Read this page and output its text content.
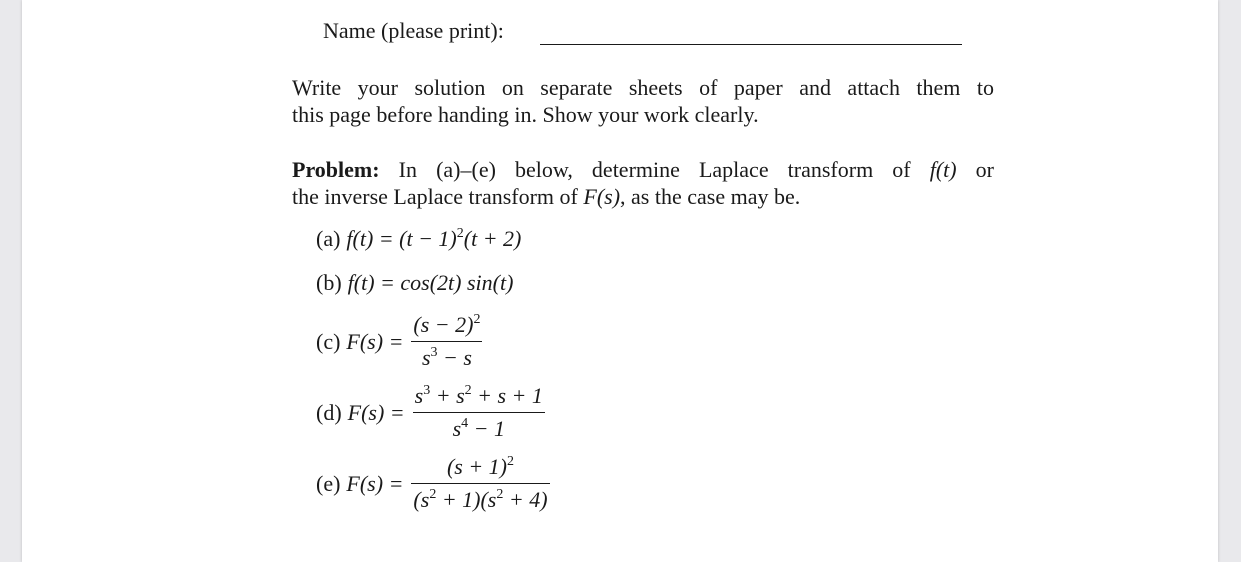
Name (please print):
Write your solution on separate sheets of paper and attach them to
this page before handing in. Show your work clearly.
Problem: In (a)–(e) below, determine Laplace transform of f(t) or
the inverse Laplace transform of F(s), as the case may be.
(a) $f(t) = (t - 1)^2(t + 2)$
(b) f(t) = cos(2t) sin(t)
(c) $F(s) = \frac{(s - 2)^2}{s^3 - s}$
(d) $F(s) = \frac{s^3 + s^2 + s + 1}{s^4 - 1}$
(e) $F(s) = \frac{(s + 1)^2}{(s^2 + 1)(s^2 + 4)}$
